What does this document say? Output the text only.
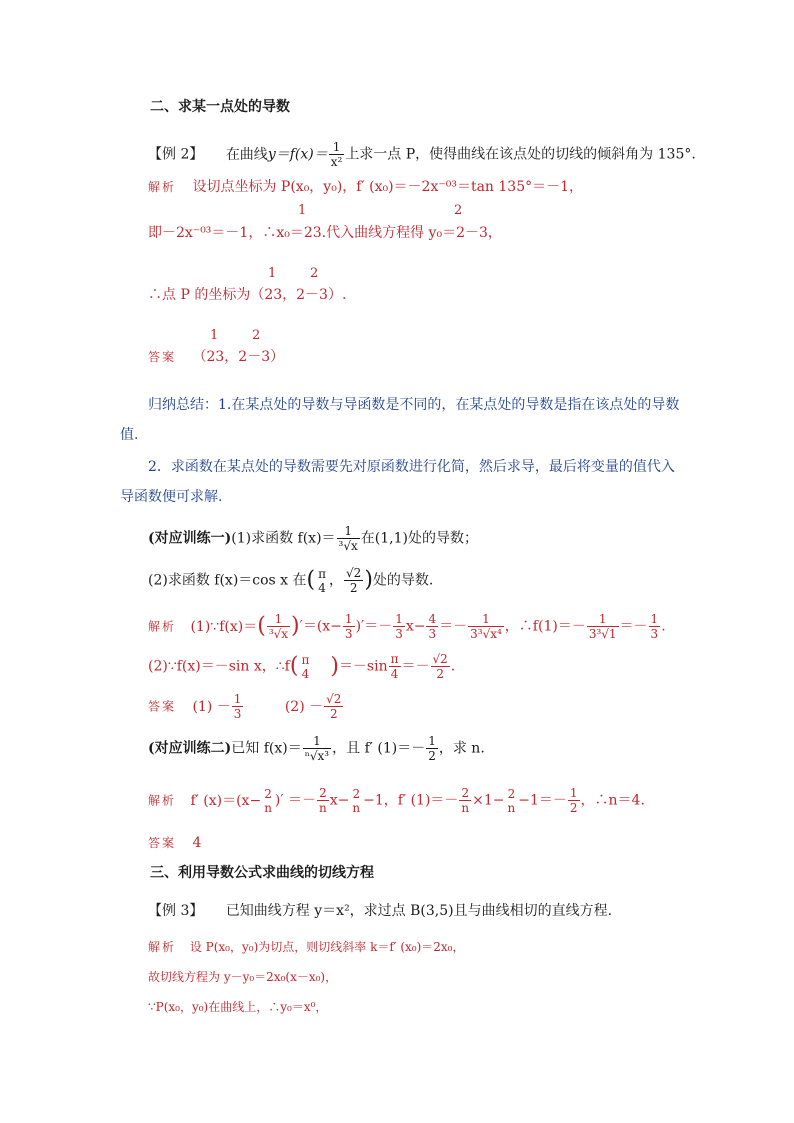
二、求某一点处的导数
【例 2】 在曲线$y=f(x)= \frac{1}{\text{x²}}$ 上求一点 P，使得曲线在该点处的切线的倾斜角为 135°.
解析 设切点坐标为 P(x₀，y₀)，f′ (x₀)＝－2x⁻⁰³＝tan 135°＝－1，
1	2
即－2x⁻⁰³＝－1，∴x₀＝23.代入曲线方程得 y₀＝2－3，
1	2
∴点 P 的坐标为（23，2－3）.
1	2
答案 （23，2－3）
归纳总结：1.在某点处的导数与导函数是不同的，在某点处的导数是指在该点处的导数
值.
2．求函数在某点处的导数需要先对原函数进行化简，然后求导，最后将变量的值代入
导函数便可求解.
(对应训练一)(1)求函数 $f(x)= \frac{1}{\text{³√x}}$ 在(1,1)处的导数；
(2)求函数 f(x)＝cos x 在( π
4 ， $\frac{√2}{2}$ )处的导数.
解析 (1)∵f(x)＝( $\frac{1}{\text{³√x}} )'=(x- \frac{1}{3}$ )′＝－ $\frac{1}{3} x- \frac{4}{3} =- \frac{1}{\text{3³√x⁴}}$ ，∴f(1)＝－ $\frac{1}{\text{3³√1}} =- \frac{1}{3}$ .
(2)∵f(x)＝－sin x，∴f( π
4 )$=-\sin \frac{\pi}{4} =- \frac{√2}{2}$ .
答案 $(1) - \frac{1}{3}$	$(2) - \frac{√2}{2}$
(对应训练二)已知 $f(x)= \frac{1}{\text{ⁿ√x³}}$ ，且 f′ $(1)=- \frac{1}{2}$ ，求 n.
解析 f′ (x)＝(x− 2
n )′ ＝－ $\frac{2}{n} x- 2$
n −1，f′ $(1)=- \frac{2}{n} \times 1- 2$
$n -1=- \frac{1}{2}$ ，∴n＝4.
答案 4
三、利用导数公式求曲线的切线方程
【例 3】 已知曲线方程 y＝x²，求过点 B(3,5)且与曲线相切的直线方程.
解析 设 P(x₀，y₀)为切点，则切线斜率 k＝f′ (x₀)＝2x₀，
故切线方程为 y－y₀＝2x₀(x－x₀)，
∵P(x₀，y₀)在曲线上，∴y₀＝x⁰，
